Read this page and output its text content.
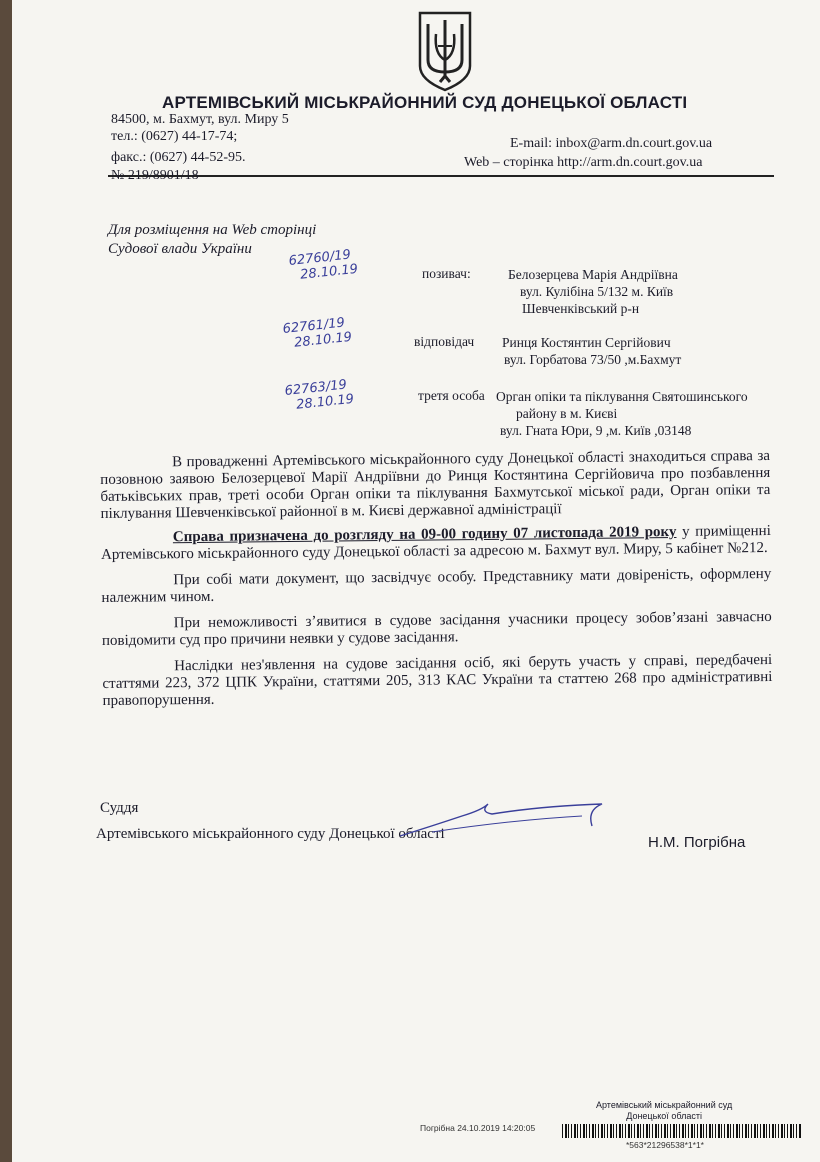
АРТЕМІВСЬКИЙ МІСЬКРАЙОННИЙ СУД ДОНЕЦЬКОЇ ОБЛАСТІ
84500, м. Бахмут, вул. Миру 5
тел.: (0627) 44-17-74;
факс.: (0627) 44-52-95.
E-mail: inbox@arm.dn.court.gov.ua
Web – сторінка http://arm.dn.court.gov.ua
№ 219/8901/18
Для розміщення на Web сторінці
Судової влади України	62760/19
28.10.19
62761/19
28.10.19
62763/19
28.10.19
позивач:	Белозерцева Марія Андріївна
вул. Кулібіна 5/132 м. Київ
Шевченківський р-н
відповідач Ринця Костянтин Сергійович
вул. Горбатова 73/50 ,м.Бахмут
третя особа Орган опіки та піклування Святошинського
району в м. Києві
вул. Гната Юри, 9 ,м. Київ ,03148

В провадженні Артемівського міськрайонного суду Донецької області знаходиться справа за позовною заявою Белозерцевої Марії Андріївни до Ринця Костянтина Сергійовича про позбавлення батьківських прав, треті особи Орган опіки та піклування Бахмутської міської ради, Орган опіки та піклування Шевченківської районної в м. Києві державної адміністрації

Справа призначена до розгляду на 09-00 годину 07 листопада 2019 року у приміщенні Артемівського міськрайонного суду Донецької області за адресою м. Бахмут вул. Миру, 5 кабінет №212.

При собі мати документ, що засвідчує особу. Представнику мати довіреність, оформлену належним чином.

При неможливості з’явитися в судове засідання учасники процесу зобов’язані завчасно повідомити суд про причини неявки у судове засідання.

Наслідки нез'явлення на судове засідання осіб, які беруть участь у справі, передбачені статтями 223, 372 ЦПК України, статтями 205, 313 КАС України та статтею 268 про адміністративні правопорушення.

Суддя
Артемівського міськрайонного суду Донецької області	Н.М. Погрібна
Артемівський міськрайонний суд
Донецької області
Погрібна 24.10.2019 14:20:05
*563*21296538*1*1*
